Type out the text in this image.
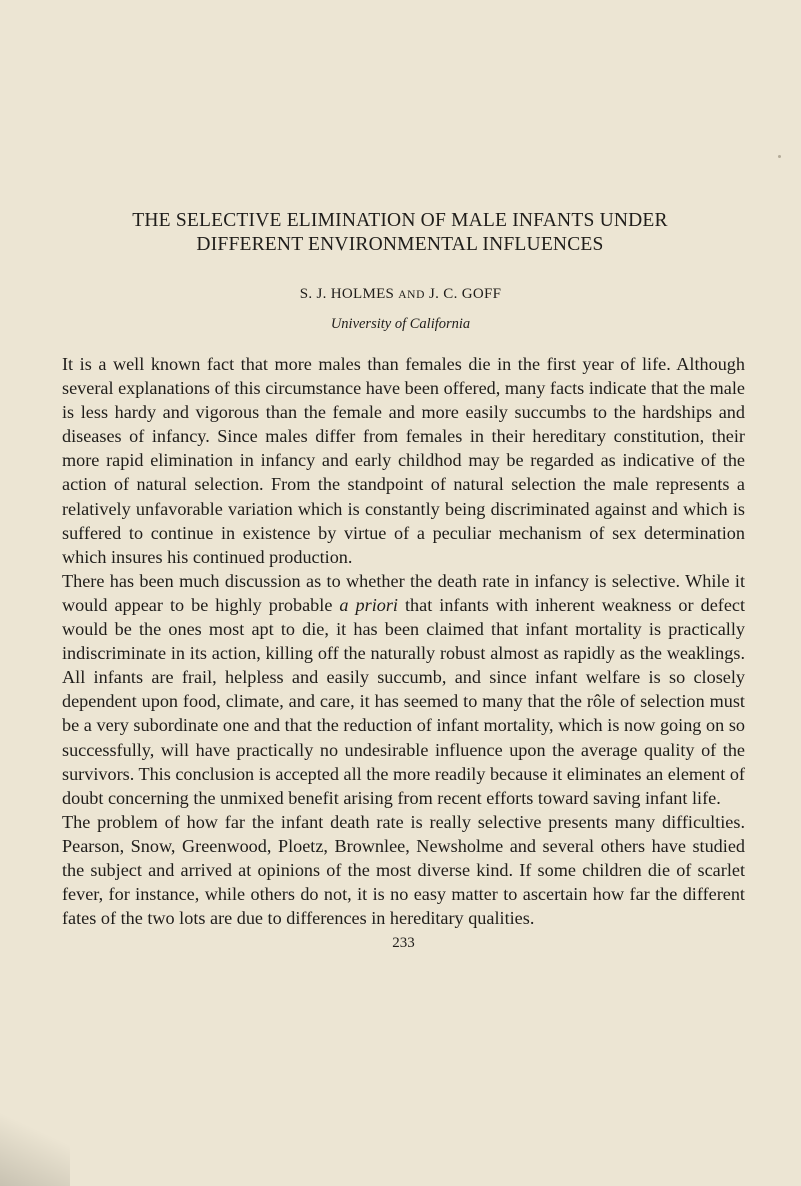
THE SELECTIVE ELIMINATION OF MALE INFANTS UNDER
DIFFERENT ENVIRONMENTAL INFLUENCES
S. J. HOLMES AND J. C. GOFF
University of California

It is a well known fact that more males than females die in the first year of life. Although several explanations of this circumstance have been offered, many facts indicate that the male is less hardy and vigorous than the female and more easily succumbs to the hardships and diseases of infancy. Since males differ from females in their hereditary constitution, their more rapid elimination in infancy and early childhod may be regarded as indicative of the action of natural selection. From the standpoint of natural selection the male represents a relatively unfavorable variation which is constantly being discriminated against and which is suffered to continue in existence by virtue of a peculiar mechanism of sex determination which insures his continued production.

There has been much discussion as to whether the death rate in infancy is selective. While it would appear to be highly probable a priori that infants with inherent weakness or defect would be the ones most apt to die, it has been claimed that infant mortality is practically indiscriminate in its action, killing off the naturally robust almost as rapidly as the weaklings. All infants are frail, helpless and easily succumb, and since infant welfare is so closely dependent upon food, climate, and care, it has seemed to many that the rôle of selection must be a very subordinate one and that the reduction of infant mortality, which is now going on so successfully, will have practically no undesirable influence upon the average quality of the survivors. This conclusion is accepted all the more readily because it eliminates an element of doubt concerning the unmixed benefit arising from recent efforts toward saving infant life.

The problem of how far the infant death rate is really selective presents many difficulties. Pearson, Snow, Greenwood, Ploetz, Brownlee, Newsholme and several others have studied the subject and arrived at opinions of the most diverse kind. If some children die of scarlet fever, for instance, while others do not, it is no easy matter to ascertain how far the different fates of the two lots are due to differences in hereditary qualities.

233
